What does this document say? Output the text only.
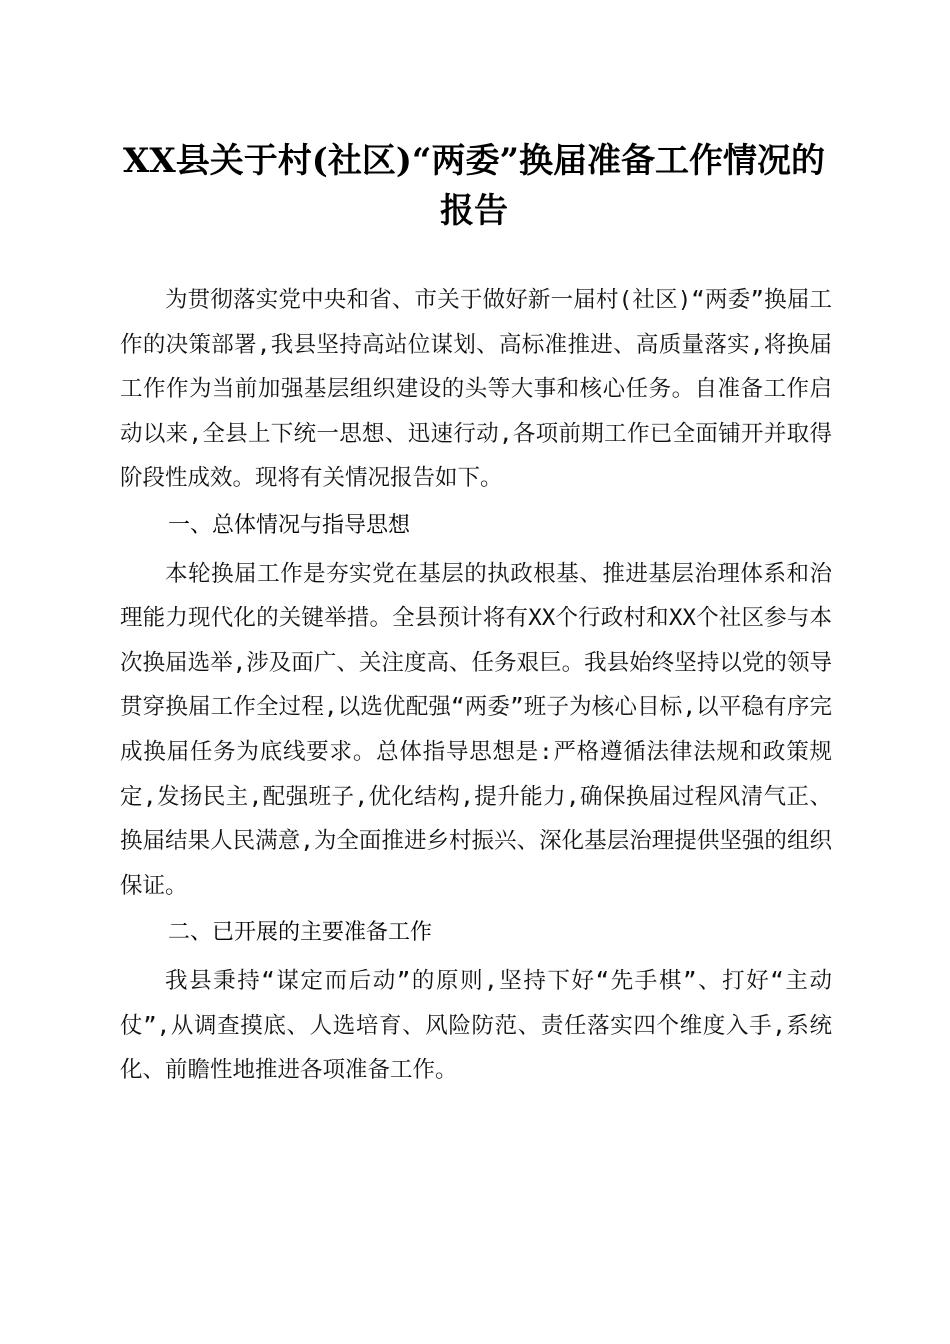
XX县关于村(社区)“两委”换届准备工作情况的报告

为贯彻落实党中央和省、市关于做好新一届村(社区)“两委”换届工作的决策部署,我县坚持高站位谋划、高标准推进、高质量落实,将换届工作作为当前加强基层组织建设的头等大事和核心任务。自准备工作启动以来,全县上下统一思想、迅速行动,各项前期工作已全面铺开并取得阶段性成效。现将有关情况报告如下。

一、总体情况与指导思想

本轮换届工作是夯实党在基层的执政根基、推进基层治理体系和治理能力现代化的关键举措。全县预计将有XX个行政村和XX个社区参与本次换届选举,涉及面广、关注度高、任务艰巨。我县始终坚持以党的领导贯穿换届工作全过程,以选优配强“两委”班子为核心目标,以平稳有序完成换届任务为底线要求。总体指导思想是:严格遵循法律法规和政策规定,发扬民主,配强班子,优化结构,提升能力,确保换届过程风清气正、换届结果人民满意,为全面推进乡村振兴、深化基层治理提供坚强的组织保证。

二、已开展的主要准备工作

我县秉持“谋定而后动”的原则,坚持下好“先手棋”、打好“主动仗”,从调查摸底、人选培育、风险防范、责任落实四个维度入手,系统化、前瞻性地推进各项准备工作。
